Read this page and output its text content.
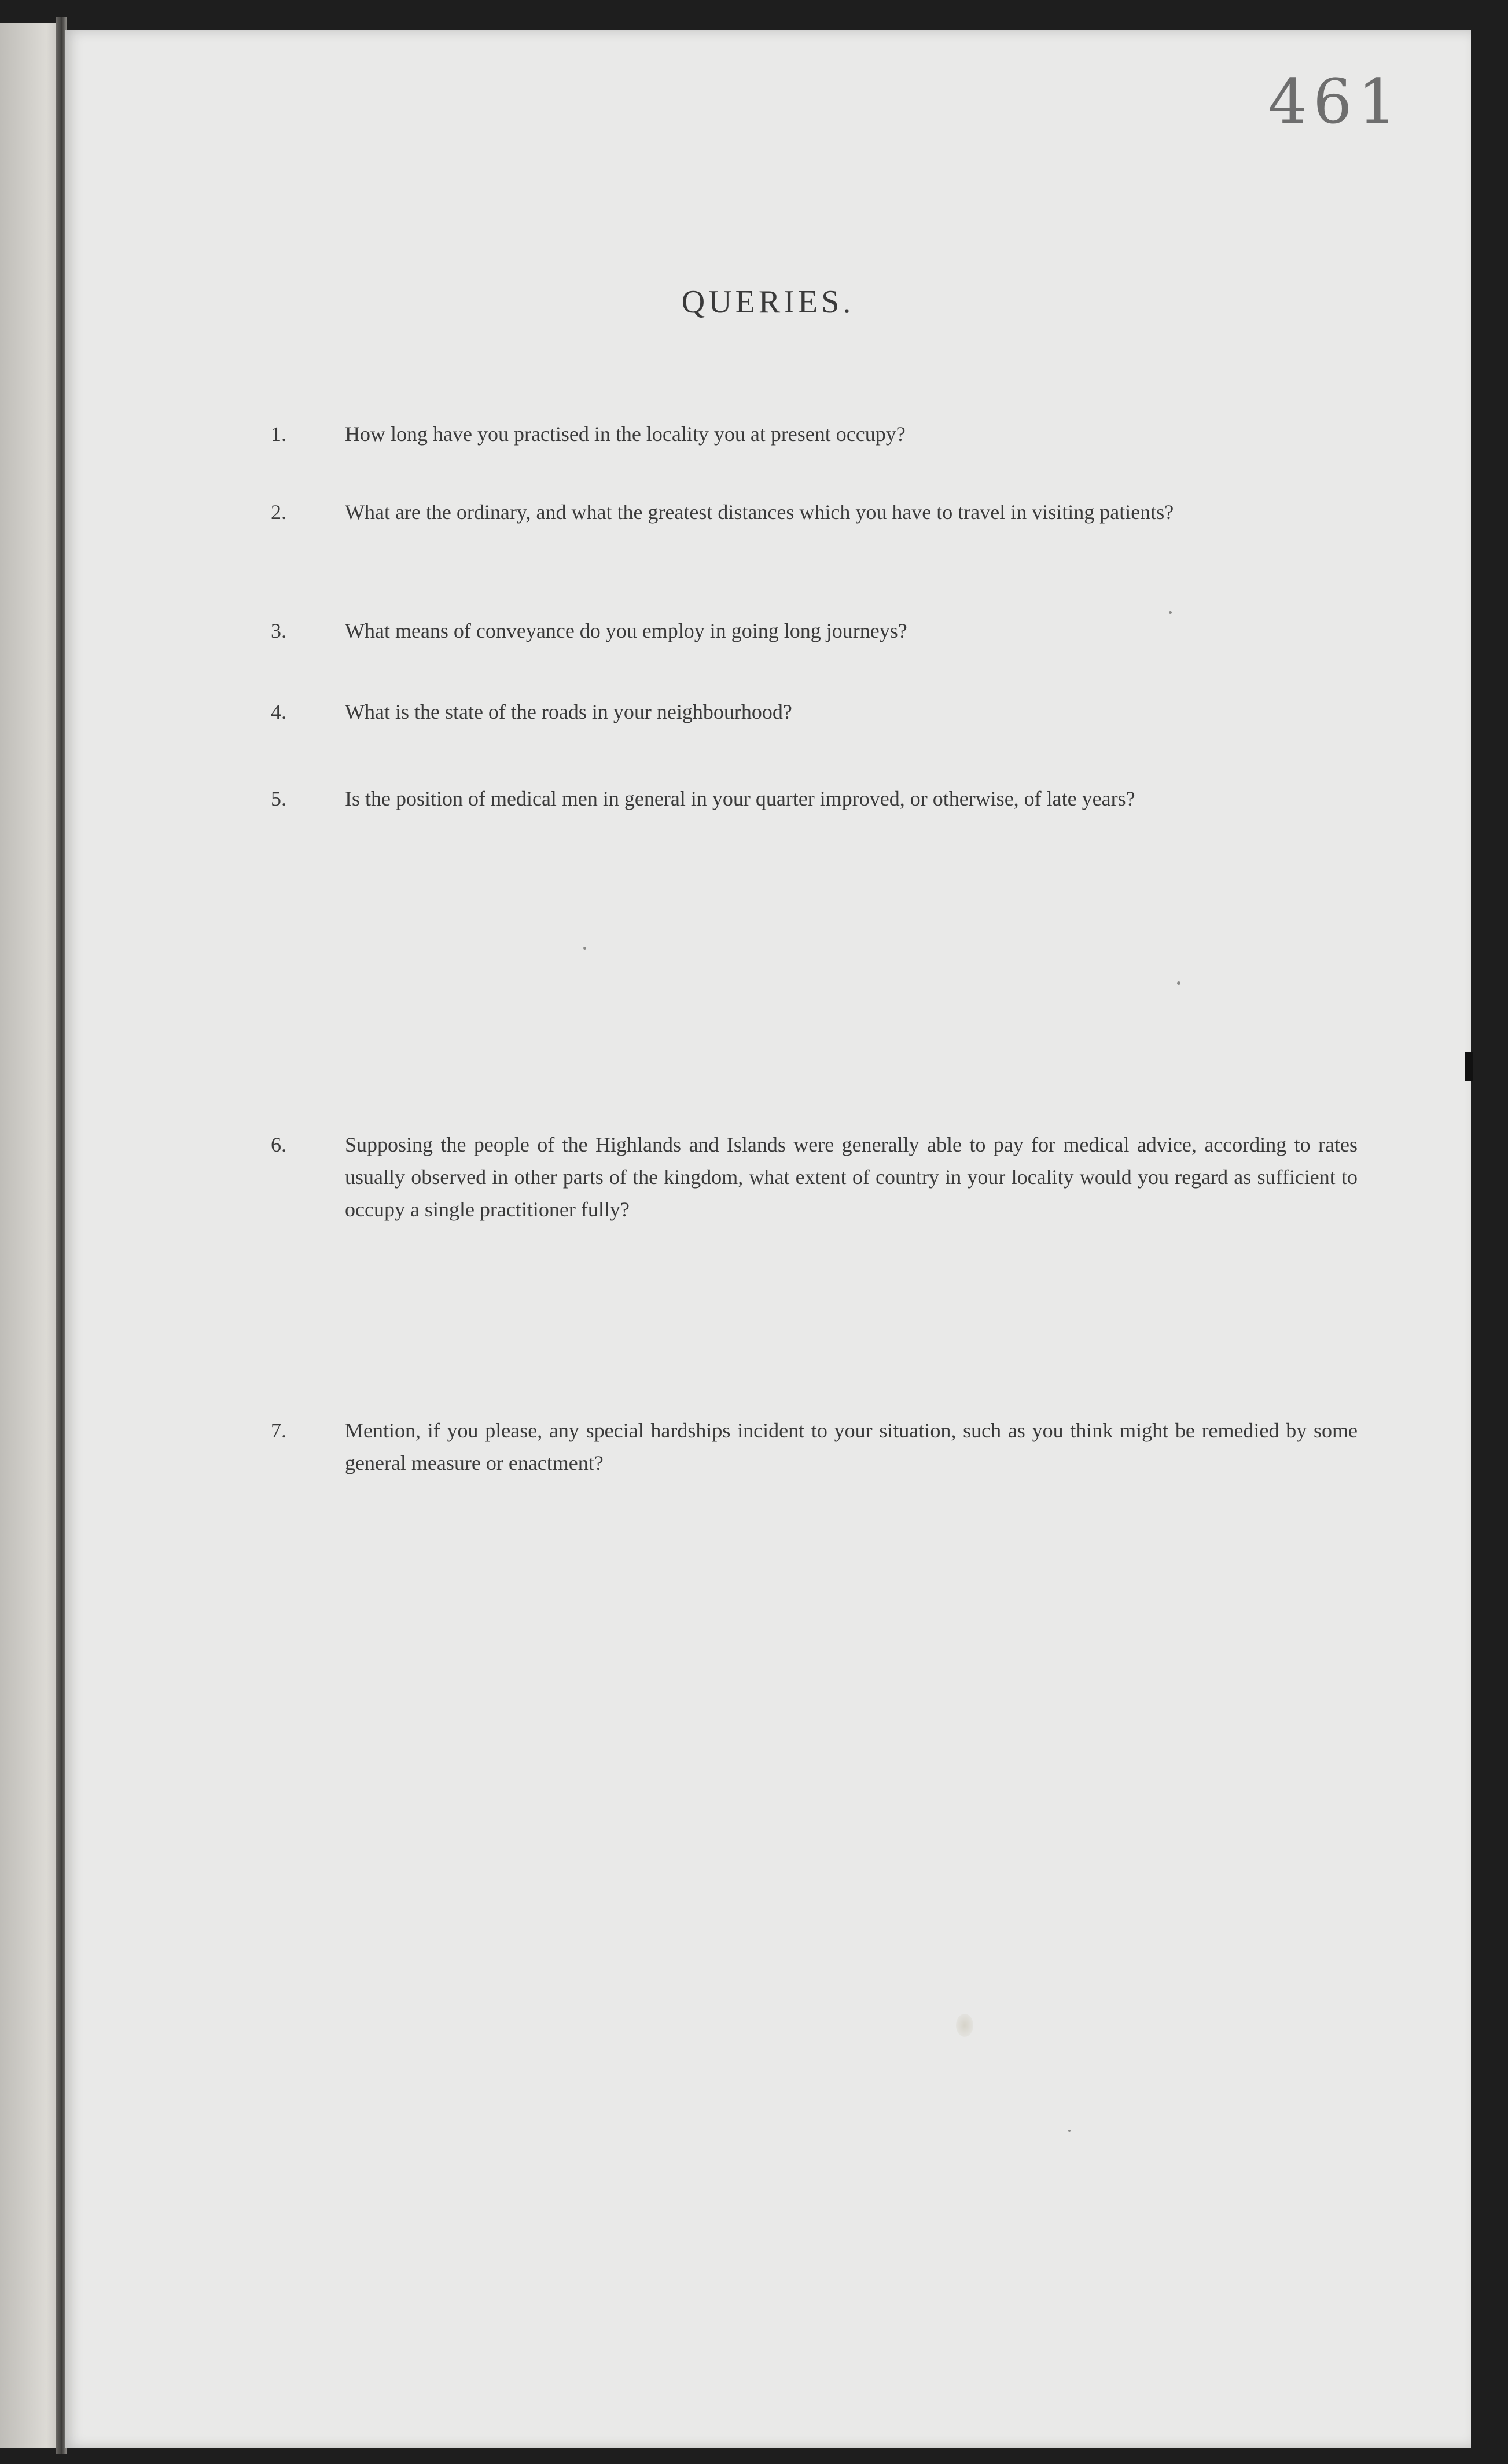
461
QUERIES.
1.	How long have you practised in the locality you at present occupy?
2.	What are the ordinary, and what the greatest distances which you have to travel in visiting patients?
3.	What means of conveyance do you employ in going long journeys?
4.	What is the state of the roads in your neighbourhood?
5.	Is the position of medical men in general in your quarter improved, or otherwise, of late years?
6.	Supposing the people of the Highlands and Islands were generally able to pay for medical advice, according to rates usually observed in other parts of the kingdom, what extent of country in your locality would you regard as sufficient to occupy a single practitioner fully?
7.	Mention, if you please, any special hardships incident to your situation, such as you think might be remedied by some general measure or enactment?
